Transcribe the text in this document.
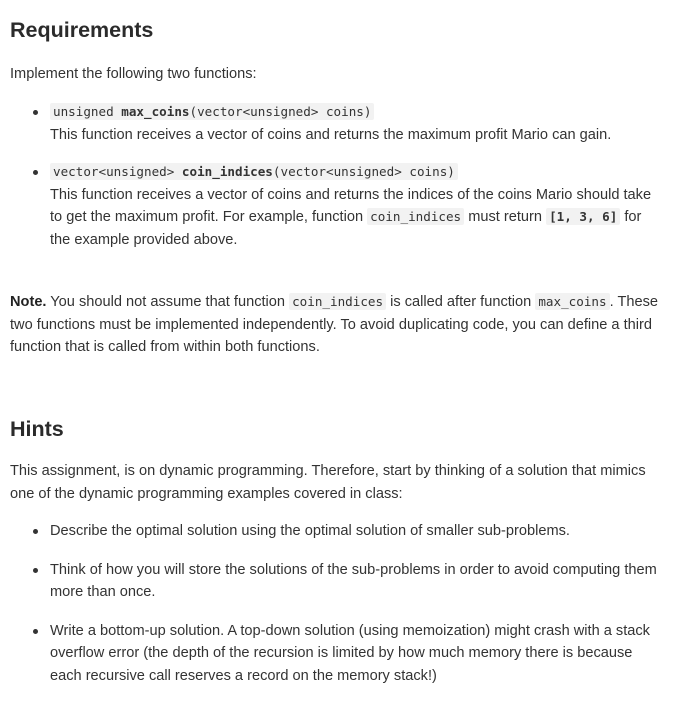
Requirements

Implement the following two functions:

unsigned max_coins(vector<unsigned> coins)
This function receives a vector of coins and returns the maximum profit Mario can gain.
vector<unsigned> coin_indices(vector<unsigned> coins)
This function receives a vector of coins and returns the indices of the coins Mario should take to get the maximum profit. For example, function coin_indices must return [1, 3, 6] for the example provided above.

Note. You should not assume that function coin_indices is called after function max_coins . These two functions must be implemented independently. To avoid duplicating code, you can define a third function that is called from within both functions.

Hints

This assignment, is on dynamic programming. Therefore, start by thinking of a solution that mimics one of the dynamic programming examples covered in class:

Describe the optimal solution using the optimal solution of smaller sub-problems.
Think of how you will store the solutions of the sub-problems in order to avoid computing them more than once.
Write a bottom-up solution. A top-down solution (using memoization) might crash with a stack overflow error (the depth of the recursion is limited by how much memory there is because each recursive call reserves a record on the memory stack!)
